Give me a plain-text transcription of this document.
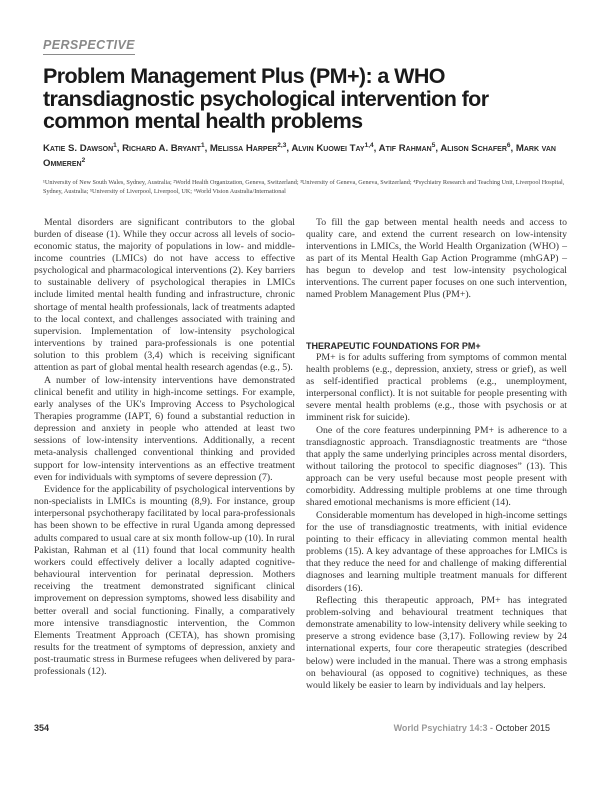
PERSPECTIVE
Problem Management Plus (PM+): a WHO transdiagnostic psychological intervention for common mental health problems
Katie S. Dawson$^1$, Richard A. Bryant$^1$, Melissa Harper$^{2,3}$, Alvin Kuowei Tay$^{1,4}$, Atif Rahman$^5$, Alison Schafer$^6$, Mark van Ommeren$^2$
¹University of New South Wales, Sydney, Australia; ²World Health Organization, Geneva, Switzerland; ³University of Geneva, Geneva, Switzerland; ⁴Psychiatry Research and Teaching Unit, Liverpool Hospital, Sydney, Australia; ⁵University of Liverpool, Liverpool, UK; ⁶World Vision Australia/International

Mental disorders are significant contributors to the global burden of disease (1). While they occur across all levels of socio-economic status, the majority of populations in low- and middle-income countries (LMICs) do not have access to effective psychological and pharmacological interventions (2). Key barriers to sustainable delivery of psychological therapies in LMICs include limited mental health funding and infrastructure, chronic shortage of mental health professionals, lack of treatments adapted to the local context, and challenges associated with training and supervision. Implementation of low-intensity psychological interventions by trained para-professionals is one potential solution to this problem (3,4) which is receiving significant attention as part of global mental health research agendas (e.g., 5).

A number of low-intensity interventions have demonstrated clinical benefit and utility in high-income settings. For example, early analyses of the UK's Improving Access to Psychological Therapies programme (IAPT, 6) found a substantial reduction in depression and anxiety in people who attended at least two sessions of low-intensity interventions. Additionally, a recent meta-analysis challenged conventional thinking and provided support for low-intensity interventions as an effective treatment even for individuals with symptoms of severe depression (7).

Evidence for the applicability of psychological interventions by non-specialists in LMICs is mounting (8,9). For instance, group interpersonal psychotherapy facilitated by local para-professionals has been shown to be effective in rural Uganda among depressed adults compared to usual care at six month follow-up (10). In rural Pakistan, Rahman et al (11) found that local community health workers could effectively deliver a locally adapted cognitive-behavioural intervention for perinatal depression. Mothers receiving the treatment demonstrated significant clinical improvement on depression symptoms, showed less disability and better overall and social functioning. Finally, a comparatively more intensive transdiagnostic intervention, the Common Elements Treatment Approach (CETA), has shown promising results for the treatment of symptoms of depression, anxiety and post-traumatic stress in Burmese refugees when delivered by para-professionals (12).

To fill the gap between mental health needs and access to quality care, and extend the current research on low-intensity interventions in LMICs, the World Health Organization (WHO) – as part of its Mental Health Gap Action Programme (mhGAP) – has begun to develop and test low-intensity psychological interventions. The current paper focuses on one such intervention, named Problem Management Plus (PM+).

THERAPEUTIC FOUNDATIONS FOR PM+

PM+ is for adults suffering from symptoms of common mental health problems (e.g., depression, anxiety, stress or grief), as well as self-identified practical problems (e.g., unemployment, interpersonal conflict). It is not suitable for people presenting with severe mental health problems (e.g., those with psychosis or at imminent risk for suicide).

One of the core features underpinning PM+ is adherence to a transdiagnostic approach. Transdiagnostic treatments are “those that apply the same underlying principles across mental disorders, without tailoring the protocol to specific diagnoses” (13). This approach can be very useful because most people present with comorbidity. Addressing multiple problems at one time through shared emotional mechanisms is more efficient (14).

Considerable momentum has developed in high-income settings for the use of transdiagnostic treatments, with initial evidence pointing to their efficacy in alleviating common mental health problems (15). A key advantage of these approaches for LMICs is that they reduce the need for and challenge of making differential diagnoses and learning multiple treatment manuals for different disorders (16).

Reflecting this therapeutic approach, PM+ has integrated problem-solving and behavioural treatment techniques that demonstrate amenability to low-intensity delivery while seeking to preserve a strong evidence base (3,17). Following review by 24 international experts, four core therapeutic strategies (described below) were included in the manual. There was a strong emphasis on behavioural (as opposed to cognitive) techniques, as these would likely be easier to learn by individuals and lay helpers.

354	World Psychiatry 14:3 - October 2015
